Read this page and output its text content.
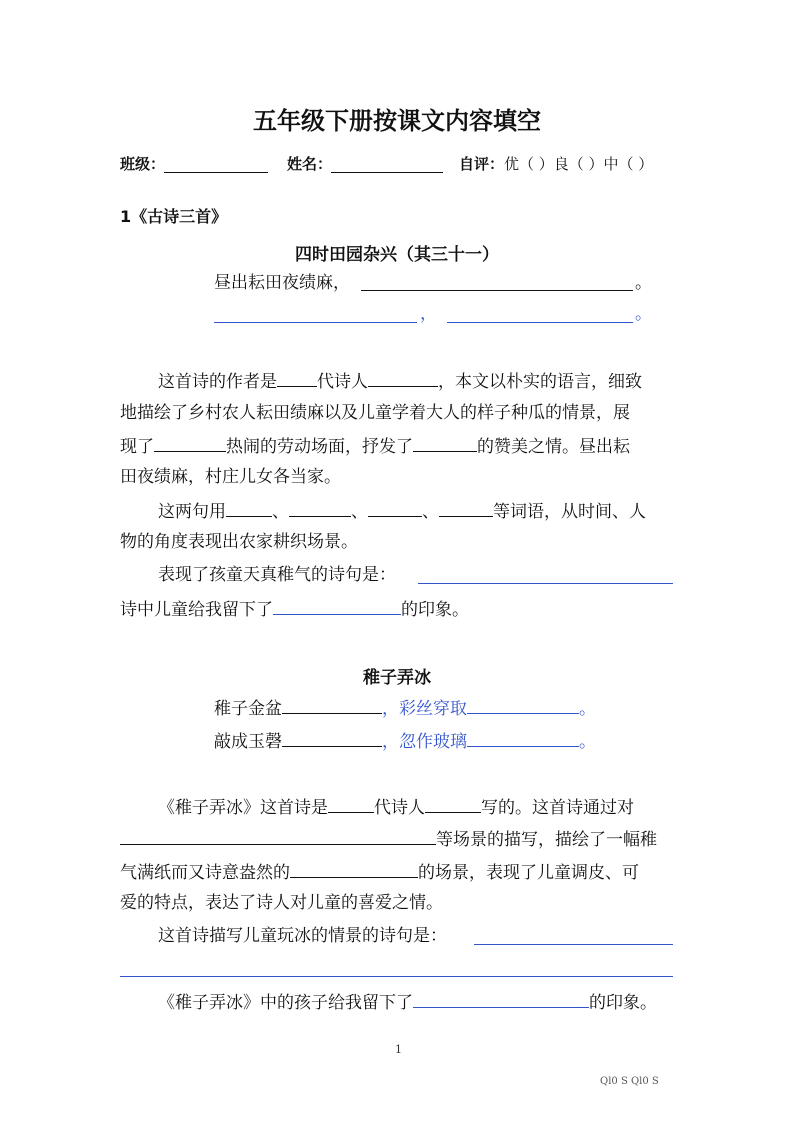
五年级下册按课文内容填空
班级：	姓名：	自评： 优（ ）良（ ）中（ ）
1《古诗三首》
四时田园杂兴（其三十一）
昼出耘田夜绩麻，	。
，	。
这首诗的作者是 代诗人	，本文以朴实的语言，细致
地描绘了乡村农人耘田绩麻以及儿童学着大人的样子种瓜的情景，展
现了	热闹的劳动场面，抒发了	的赞美之情。昼出耘
田夜绩麻，村庄儿女各当家。
这两句用	、	、	、	等词语，从时间、人
物的角度表现出农家耕织场景。
表现了孩童天真稚气的诗句是：
诗中儿童给我留下了	的印象。
稚子弄冰
稚子金盆	，彩丝穿取	。
敲成玉磬	，忽作玻璃	。
《稚子弄冰》这首诗是	代诗人	写的。这首诗通过对
等场景的描写，描绘了一幅稚
气满纸而又诗意盎然的	的场景，表现了儿童调皮、可
爱的特点，表达了诗人对儿童的喜爱之情。
这首诗描写儿童玩冰的情景的诗句是：
《稚子弄冰》中的孩子给我留下了	的印象。
1
Ql0 S Ql0 S
